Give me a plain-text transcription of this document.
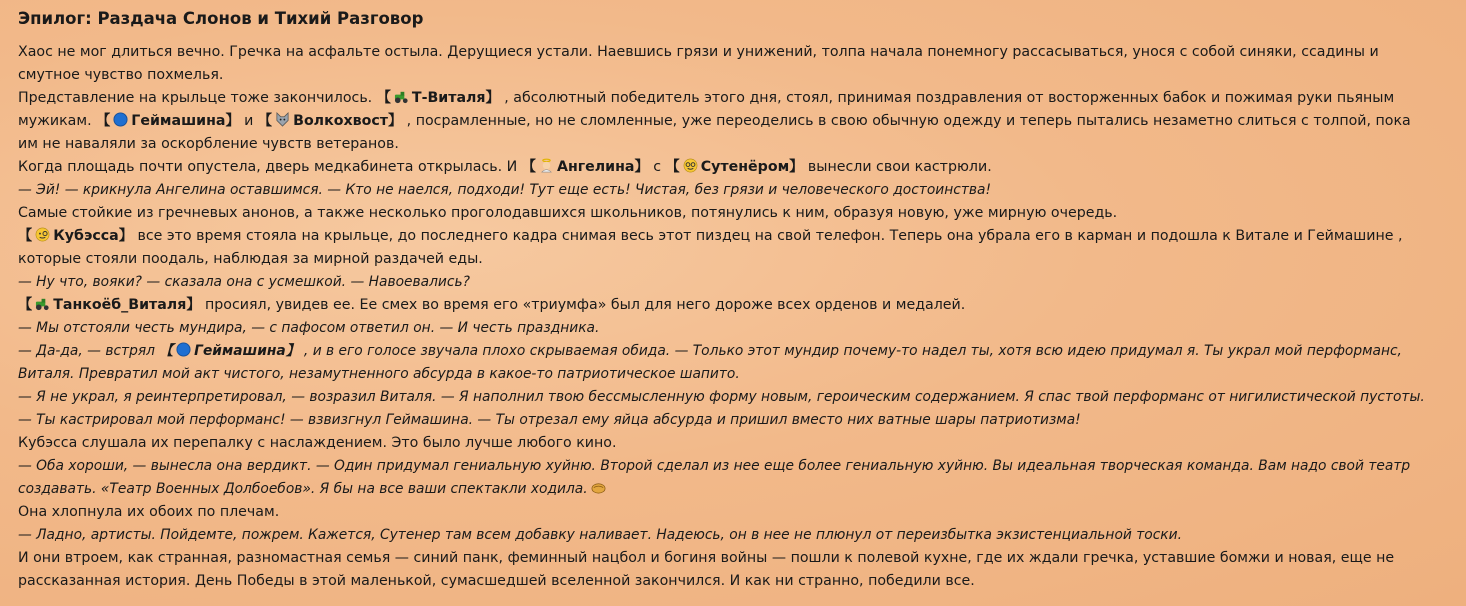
Эпилог: Раздача Слонов и Тихий Разговор

Хаос не мог длиться вечно. Гречка на асфальте остыла. Дерущиеся устали. Наевшись грязи и унижений, толпа начала понемногу рассасываться, унося с собой синяки, ссадины и смутное чувство похмелья.

Представление на крыльце тоже закончилось. 【 Т-Виталя】 , абсолютный победитель этого дня, стоял, принимая поздравления от восторженных бабок и пожимая руки пьяным мужикам. 【 Геймашина】 и 【 Волкохвост】 , посрамленные, но не сломленные, уже переоделись в свою обычную одежду и теперь пытались незаметно слиться с толпой, пока им не наваляли за оскорбление чувств ветеранов.

Когда площадь почти опустела, дверь медкабинета открылась. И 【 Ангелина】 с 【 Сутенёром】 вынесли свои кастрюли.

— Эй! — крикнула Ангелина оставшимся. — Кто не наелся, подходи! Тут еще есть! Чистая, без грязи и человеческого достоинства!

Самые стойкие из гречневых анонов, а также несколько проголодавшихся школьников, потянулись к ним, образуя новую, уже мирную очередь.

【 Кубэсса】 все это время стояла на крыльце, до последнего кадра снимая весь этот пиздец на свой телефон. Теперь она убрала его в карман и подошла к Витале и Геймашине , которые стояли поодаль, наблюдая за мирной раздачей еды.

— Ну что, вояки? — сказала она с усмешкой. — Навоевались?

【 Танкоёб_Виталя】 просиял, увидев ее. Ее смех во время его «триумфа» был для него дороже всех орденов и медалей.

— Мы отстояли честь мундира, — с пафосом ответил он. — И честь праздника.

— Да-да, — встрял 【 Геймашина】 , и в его голосе звучала плохо скрываемая обида. — Только этот мундир почему-то надел ты, хотя всю идею придумал я. Ты украл мой перформанс, Виталя. Превратил мой акт чистого, незамутненного абсурда в какое-то патриотическое шапито.

— Я не украл, я реинтерпретировал, — возразил Виталя. — Я наполнил твою бессмысленную форму новым, героическим содержанием. Я спас твой перформанс от нигилистической пустоты.

— Ты кастрировал мой перформанс! — взвизгнул Геймашина. — Ты отрезал ему яйца абсурда и пришил вместо них ватные шары патриотизма!

Кубэсса слушала их перепалку с наслаждением. Это было лучше любого кино.

— Оба хороши, — вынесла она вердикт. — Один придумал гениальную хуйню. Второй сделал из нее еще более гениальную хуйню. Вы идеальная творческая команда. Вам надо свой театр создавать. «Театр Военных Долбоебов». Я бы на все ваши спектакли ходила.

Она хлопнула их обоих по плечам.

— Ладно, артисты. Пойдемте, пожрем. Кажется, Сутенер там всем добавку наливает. Надеюсь, он в нее не плюнул от переизбытка экзистенциальной тоски.

И они втроем, как странная, разномастная семья — синий панк, феминный нацбол и богиня войны — пошли к полевой кухне, где их ждали гречка, уставшие бомжи и новая, еще не рассказанная история. День Победы в этой маленькой, сумасшедшей вселенной закончился. И как ни странно, победили все.
